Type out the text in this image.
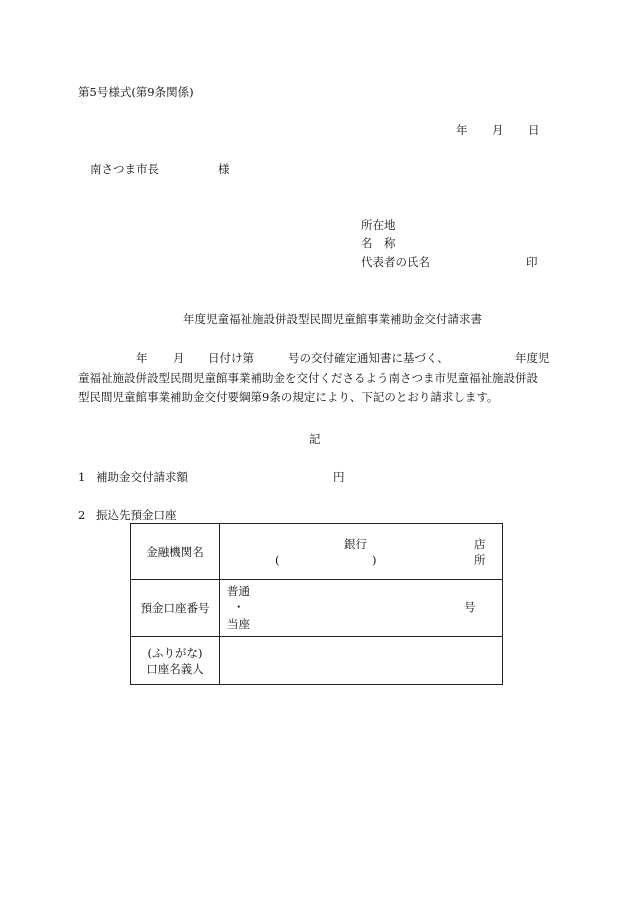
第5号様式(第9条関係)
年 月 日
南さつま市長	様
所在地
名　称
代表者の氏名	印
年度児童福祉施設併設型民間児童館事業補助金交付請求書
年 月 日付け第	号の交付確定通知書に基づく、	年度児
童福祉施設併設型民間児童館事業補助金を交付くださるよう南さつま市児童福祉施設併設
型民間児童館事業補助金交付要綱第9条の規定により、下記のとおり請求します。
記
1 補助金交付請求額	円
2 振込先預金口座
金融機関名	銀行
( )
店
所

預金口座番号	普通
・
当座
号

(ふりがな)
口座名義人	
